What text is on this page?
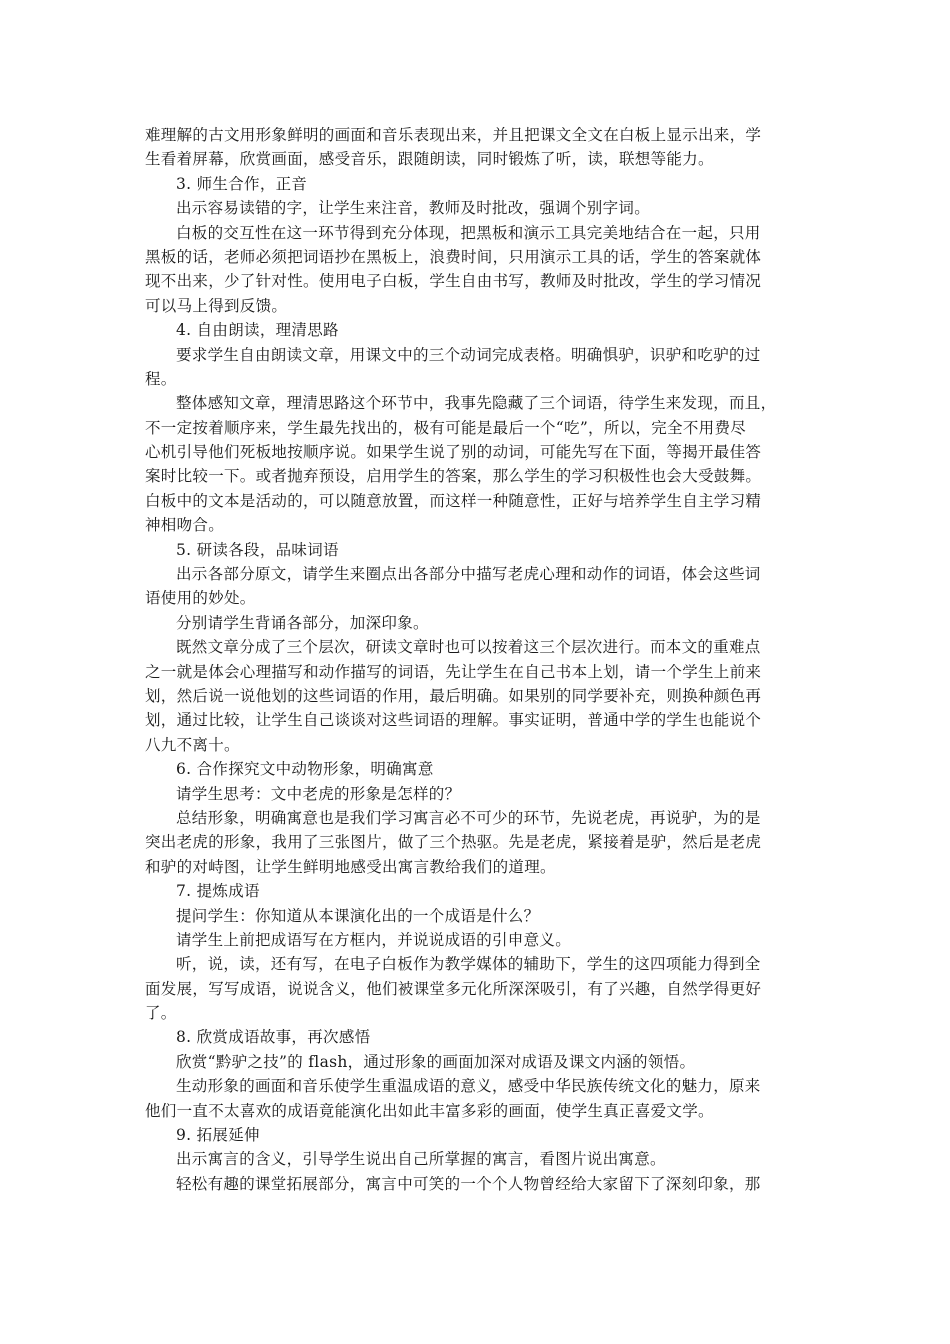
难理解的古文用形象鲜明的画面和音乐表现出来，并且把课文全文在白板上显示出来，学
生看着屏幕，欣赏画面，感受音乐，跟随朗读，同时锻炼了听，读，联想等能力。
3. 师生合作，正音
出示容易读错的字，让学生来注音，教师及时批改，强调个别字词。
白板的交互性在这一环节得到充分体现，把黑板和演示工具完美地结合在一起，只用
黑板的话，老师必须把词语抄在黑板上，浪费时间，只用演示工具的话，学生的答案就体
现不出来，少了针对性。使用电子白板，学生自由书写，教师及时批改，学生的学习情况
可以马上得到反馈。
4. 自由朗读，理清思路
要求学生自由朗读文章，用课文中的三个动词完成表格。明确惧驴，识驴和吃驴的过
程。
整体感知文章，理清思路这个环节中，我事先隐藏了三个词语，待学生来发现，而且，
不一定按着顺序来，学生最先找出的，极有可能是最后一个“吃”，所以，完全不用费尽
心机引导他们死板地按顺序说。如果学生说了别的动词，可能先写在下面，等揭开最佳答
案时比较一下。或者抛弃预设，启用学生的答案，那么学生的学习积极性也会大受鼓舞。
白板中的文本是活动的，可以随意放置，而这样一种随意性，正好与培养学生自主学习精
神相吻合。
5. 研读各段，品味词语
出示各部分原文，请学生来圈点出各部分中描写老虎心理和动作的词语，体会这些词
语使用的妙处。
分别请学生背诵各部分，加深印象。
既然文章分成了三个层次，研读文章时也可以按着这三个层次进行。而本文的重难点
之一就是体会心理描写和动作描写的词语，先让学生在自己书本上划，请一个学生上前来
划，然后说一说他划的这些词语的作用，最后明确。如果别的同学要补充，则换种颜色再
划，通过比较，让学生自己谈谈对这些词语的理解。事实证明，普通中学的学生也能说个
八九不离十。
6. 合作探究文中动物形象，明确寓意
请学生思考：文中老虎的形象是怎样的？
总结形象，明确寓意也是我们学习寓言必不可少的环节，先说老虎，再说驴，为的是
突出老虎的形象，我用了三张图片，做了三个热驱。先是老虎，紧接着是驴，然后是老虎
和驴的对峙图，让学生鲜明地感受出寓言教给我们的道理。
7. 提炼成语
提问学生：你知道从本课演化出的一个成语是什么？
请学生上前把成语写在方框内，并说说成语的引申意义。
听，说，读，还有写，在电子白板作为教学媒体的辅助下，学生的这四项能力得到全
面发展，写写成语，说说含义，他们被课堂多元化所深深吸引，有了兴趣，自然学得更好
了。
8. 欣赏成语故事，再次感悟
欣赏“黔驴之技”的 flash，通过形象的画面加深对成语及课文内涵的领悟。
生动形象的画面和音乐使学生重温成语的意义，感受中华民族传统文化的魅力，原来
他们一直不太喜欢的成语竟能演化出如此丰富多彩的画面，使学生真正喜爱文学。
9. 拓展延伸
出示寓言的含义，引导学生说出自己所掌握的寓言，看图片说出寓意。
轻松有趣的课堂拓展部分，寓言中可笑的一个个人物曾经给大家留下了深刻印象，那
